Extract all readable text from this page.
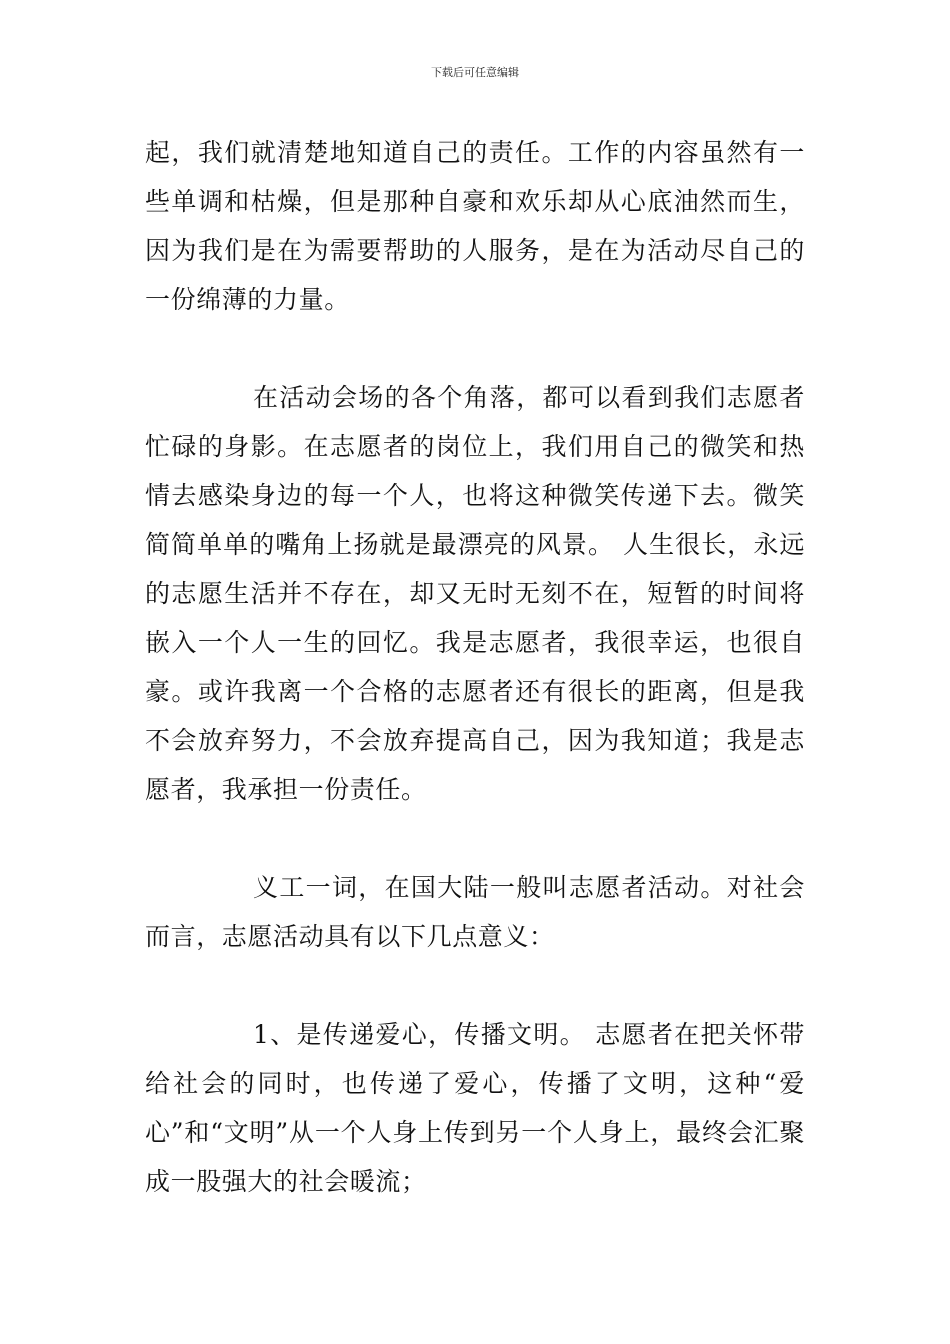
下载后可任意编辑

起，我们就清楚地知道自己的责任。工作的内容虽然有一些单调和枯燥，但是那种自豪和欢乐却从心底油然而生，因为我们是在为需要帮助的人服务，是在为活动尽自己的一份绵薄的力量。

在活动会场的各个角落，都可以看到我们志愿者忙碌的身影。在志愿者的岗位上，我们用自己的微笑和热情去感染身边的每一个人，也将这种微笑传递下去。微笑简简单单的嘴角上扬就是最漂亮的风景。 人生很长，永远的志愿生活并不存在，却又无时无刻不在，短暂的时间将嵌入一个人一生的回忆。我是志愿者，我很幸运，也很自豪。或许我离一个合格的志愿者还有很长的距离，但是我不会放弃努力，不会放弃提高自己，因为我知道；我是志愿者，我承担一份责任。

义工一词，在国大陆一般叫志愿者活动。对社会而言，志愿活动具有以下几点意义：

1、是传递爱心，传播文明。 志愿者在把关怀带给社会的同时，也传递了爱心，传播了文明，这种“爱心”和“文明”从一个人身上传到另一个人身上，最终会汇聚成一股强大的社会暖流；
